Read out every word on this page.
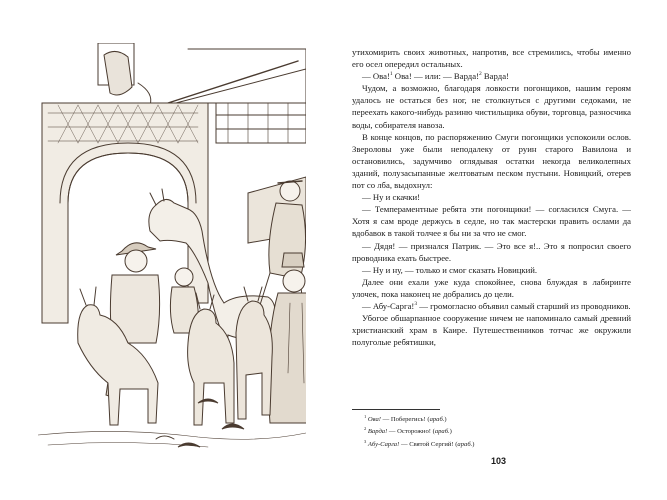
утихомирить своих животных, напротив, все стремились, чтобы именно его осел опередил остальных.

— Ова!$^1$ Ова! — или: — Варда!$^2$ Варда!

Чудом, а возможно, благодаря ловкости погонщиков, нашим героям удалось не остаться без ног, не столкнуться с другими седоками, не переехать какого-нибудь разиню чистильщика обуви, торговца, разносчика воды, собирателя навоза.

В конце концов, по распоряжению Смуги погонщики успокоили ослов. Звероловы уже были неподалеку от руин старого Вавилона и остановились, задумчиво оглядывая остатки некогда великолепных зданий, полузасыпанные желтоватым песком пустыни. Новицкий, отерев пот со лба, выдохнул:

— Ну и скачки!

— Темпераментные ребята эти погонщики! — согласился Смуга. — Хотя я сам вроде держусь в седле, но так мастерски править ослами да вдобавок в такой толчее я бы ни за что не смог.

— Дядя! — призналcя Патрик. — Это все я!.. Это я попросил своего проводника ехать быстрее.

— Ну и ну, — только и смог сказать Новицкий.

Далее они ехали уже куда спокойнее, снова блуждая в лабиринте улочек, пока наконец не добрались до цели.

— Абу-Сарга!$^3$ — громогласно объявил самый старший из проводников.

Убогое обшарпанное сооружение ничем не напоминало самый древний христианский храм в Каире. Путешественников тотчас же окружили полуголые ребятишки,

$^1$ Ова! — Поберегись! (араб.)

$^2$ Варда! — Осторожно! (араб.)

$^3$ Абу-Сарга! — Святой Сергий! (араб.)

103
